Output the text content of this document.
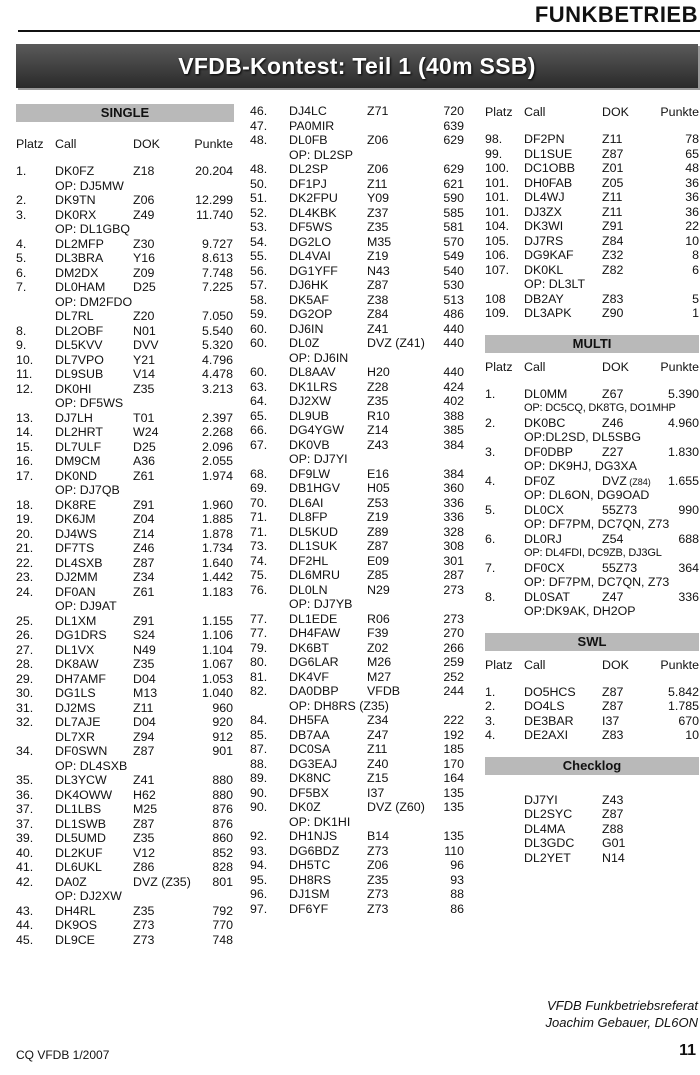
FUNKBETRIEB
VFDB-Kontest: Teil 1 (40m SSB)
SINGLE
Platz Call	DOK	Punkte
1. DK0FZ	Z18	20.204
OP: DJ5MW
2. DK9TN	Z06	12.299
3. DK0RX	Z49	11.740
OP: DL1GBQ
4. DL2MFP Z30	9.727
5. DL3BRA Y16	8.613
6. DM2DX	Z09	7.748
7. DL0HAM D25	7.225
OP: DM2FDO
DL7RL	Z20	7.050
8. DL2OBF N01	5.540
9. DL5KVV DVV	5.320
10. DL7VPO Y21	4.796
11. DL9SUB V14	4.478
12. DK0HI	Z35	3.213
OP: DF5WS
13. DJ7LH	T01	2.397
14. DL2HRT W24	2.268
15. DL7ULF	D25	2.096
16. DM9CM	A36	2.055
17. DK0ND	Z61	1.974
OP: DJ7QB
18. DK8RE	Z91	1.960
19. DK6JM	Z04	1.885
20. DJ4WS	Z14	1.878
21. DF7TS	Z46	1.734
22. DL4SXB Z87	1.640
23. DJ2MM	Z34	1.442
24. DF0AN	Z61	1.183
OP: DJ9AT
25. DL1XM	Z91	1.155
26. DG1DRS S24	1.106
27. DL1VX	N49	1.104
28. DK8AW	Z35	1.067
29. DH7AMF D04	1.053
30. DG1LS	M13	1.040
31. DJ2MS	Z11	960
32. DL7AJE	D04	920
DL7XR	Z94	912
34. DF0SWN Z87	901
OP: DL4SXB
35. DL3YCW Z41	880
36. DK4OWW H62	880
37. DL1LBS	M25	876
37. DL1SWB Z87	876
39. DL5UMD Z35	860
40. DL2KUF V12	852
41. DL6UKL	Z86	828
42. DA0Z	DVZ (Z35)	801
OP: DJ2XW
43. DH4RL	Z35	792
44. DK9OS	Z73	770
45. DL9CE	Z73	748
46. DJ4LC	Z71	720
47. PA0MIR	639
48. DL0FB	Z06	629
OP: DL2SP
48. DL2SP	Z06	629
50. DF1PJ	Z11	621
51. DK2FPU Y09	590
52. DL4KBK Z37	585
53. DF5WS	Z35	581
54. DG2LO	M35	570
55. DL4VAI	Z19	549
56. DG1YFF N43	540
57. DJ6HK	Z87	530
58. DK5AF	Z38	513
59. DG2OP	Z84	486
60. DJ6IN	Z41	440
60. DL0Z	DVZ (Z41)	440
OP: DJ6IN
60. DL8AAV	H20	440
63. DK1LRS Z28	424
64. DJ2XW	Z35	402
65. DL9UB	R10	388
66. DG4YGW Z14	385
67. DK0VB	Z43	384
OP: DJ7YI
68. DF9LW	E16	384
69. DB1HGV H05	360
70. DL6AI	Z53	336
71. DL8FP	Z19	336
71. DL5KUD Z89	328
73. DL1SUK Z87	308
74. DF2HL	E09	301
75. DL6MRU Z85	287
76. DL0LN	N29	273
OP: DJ7YB
77. DL1EDE R06	273
77. DH4FAW F39	270
79. DK6BT	Z02	266
80. DG6LAR M26	259
81. DK4VF	M27	252
82. DA0DBP VFDB	244
OP: DH8RS (Z35)
84. DH5FA	Z34	222
85. DB7AA	Z47	192
87. DC0SA	Z11	185
88. DG3EAJ Z40	170
89. DK8NC	Z15	164
90. DF5BX	I37	135
90. DK0Z	DVZ (Z60)	135
OP: DK1HI
92. DH1NJS B14	135
93. DG6BDZ Z73	110
94. DH5TC	Z06	96
95. DH8RS	Z35	93
96. DJ1SM	Z73	88
97. DF6YF	Z73	86
Platz Call	DOK	Punkte
98. DF2PN	Z11	78
99. DL1SUE Z87	65
100. DC1OBB Z01	48
101. DH0FAB Z05	36
101. DL4WJ	Z11	36
101. DJ3ZX	Z11	36
104. DK3WI	Z91	22
105. DJ7RS	Z84	10
106. DG9KAF Z32	8
107. DK0KL	Z82	6
OP: DL3LT
108 DB2AY	Z83	5
109. DL3APK Z90	1
MULTI
Platz Call	DOK	Punkte
1. DL0MM	Z67	5.390
OP: DC5CQ, DK8TG, DO1MHP
2. DK0BC	Z46	4.960
OP:DL2SD, DL5SBG
3. DF0DBP Z27	1.830
OP: DK9HJ, DG3XA
4. DF0Z	DVZ (Z84)	1.655
OP: DL6ON, DG9OAD
5. DL0CX	55Z73	990
OP: DF7PM, DC7QN, Z73
6. DL0RJ	Z54	688
OP: DL4FDI, DC9ZB, DJ3GL
7. DF0CX	55Z73	364
OP: DF7PM, DC7QN, Z73
8. DL0SAT	Z47	336
OP:DK9AK, DH2OP
SWL
Platz Call	DOK	Punkte
1. DO5HCS Z87	5.842
2. DO4LS	Z87	1.785
3. DE3BAR I37	670
4. DE2AXI	Z83	10
Checklog
DJ7YI	Z43
DL2SYC Z87
DL4MA	Z88
DL3GDC G01
DL2YET	N14
VFDB Funkbetriebsreferat
Joachim Gebauer, DL6ON
CQ VFDB 1/2007	11
